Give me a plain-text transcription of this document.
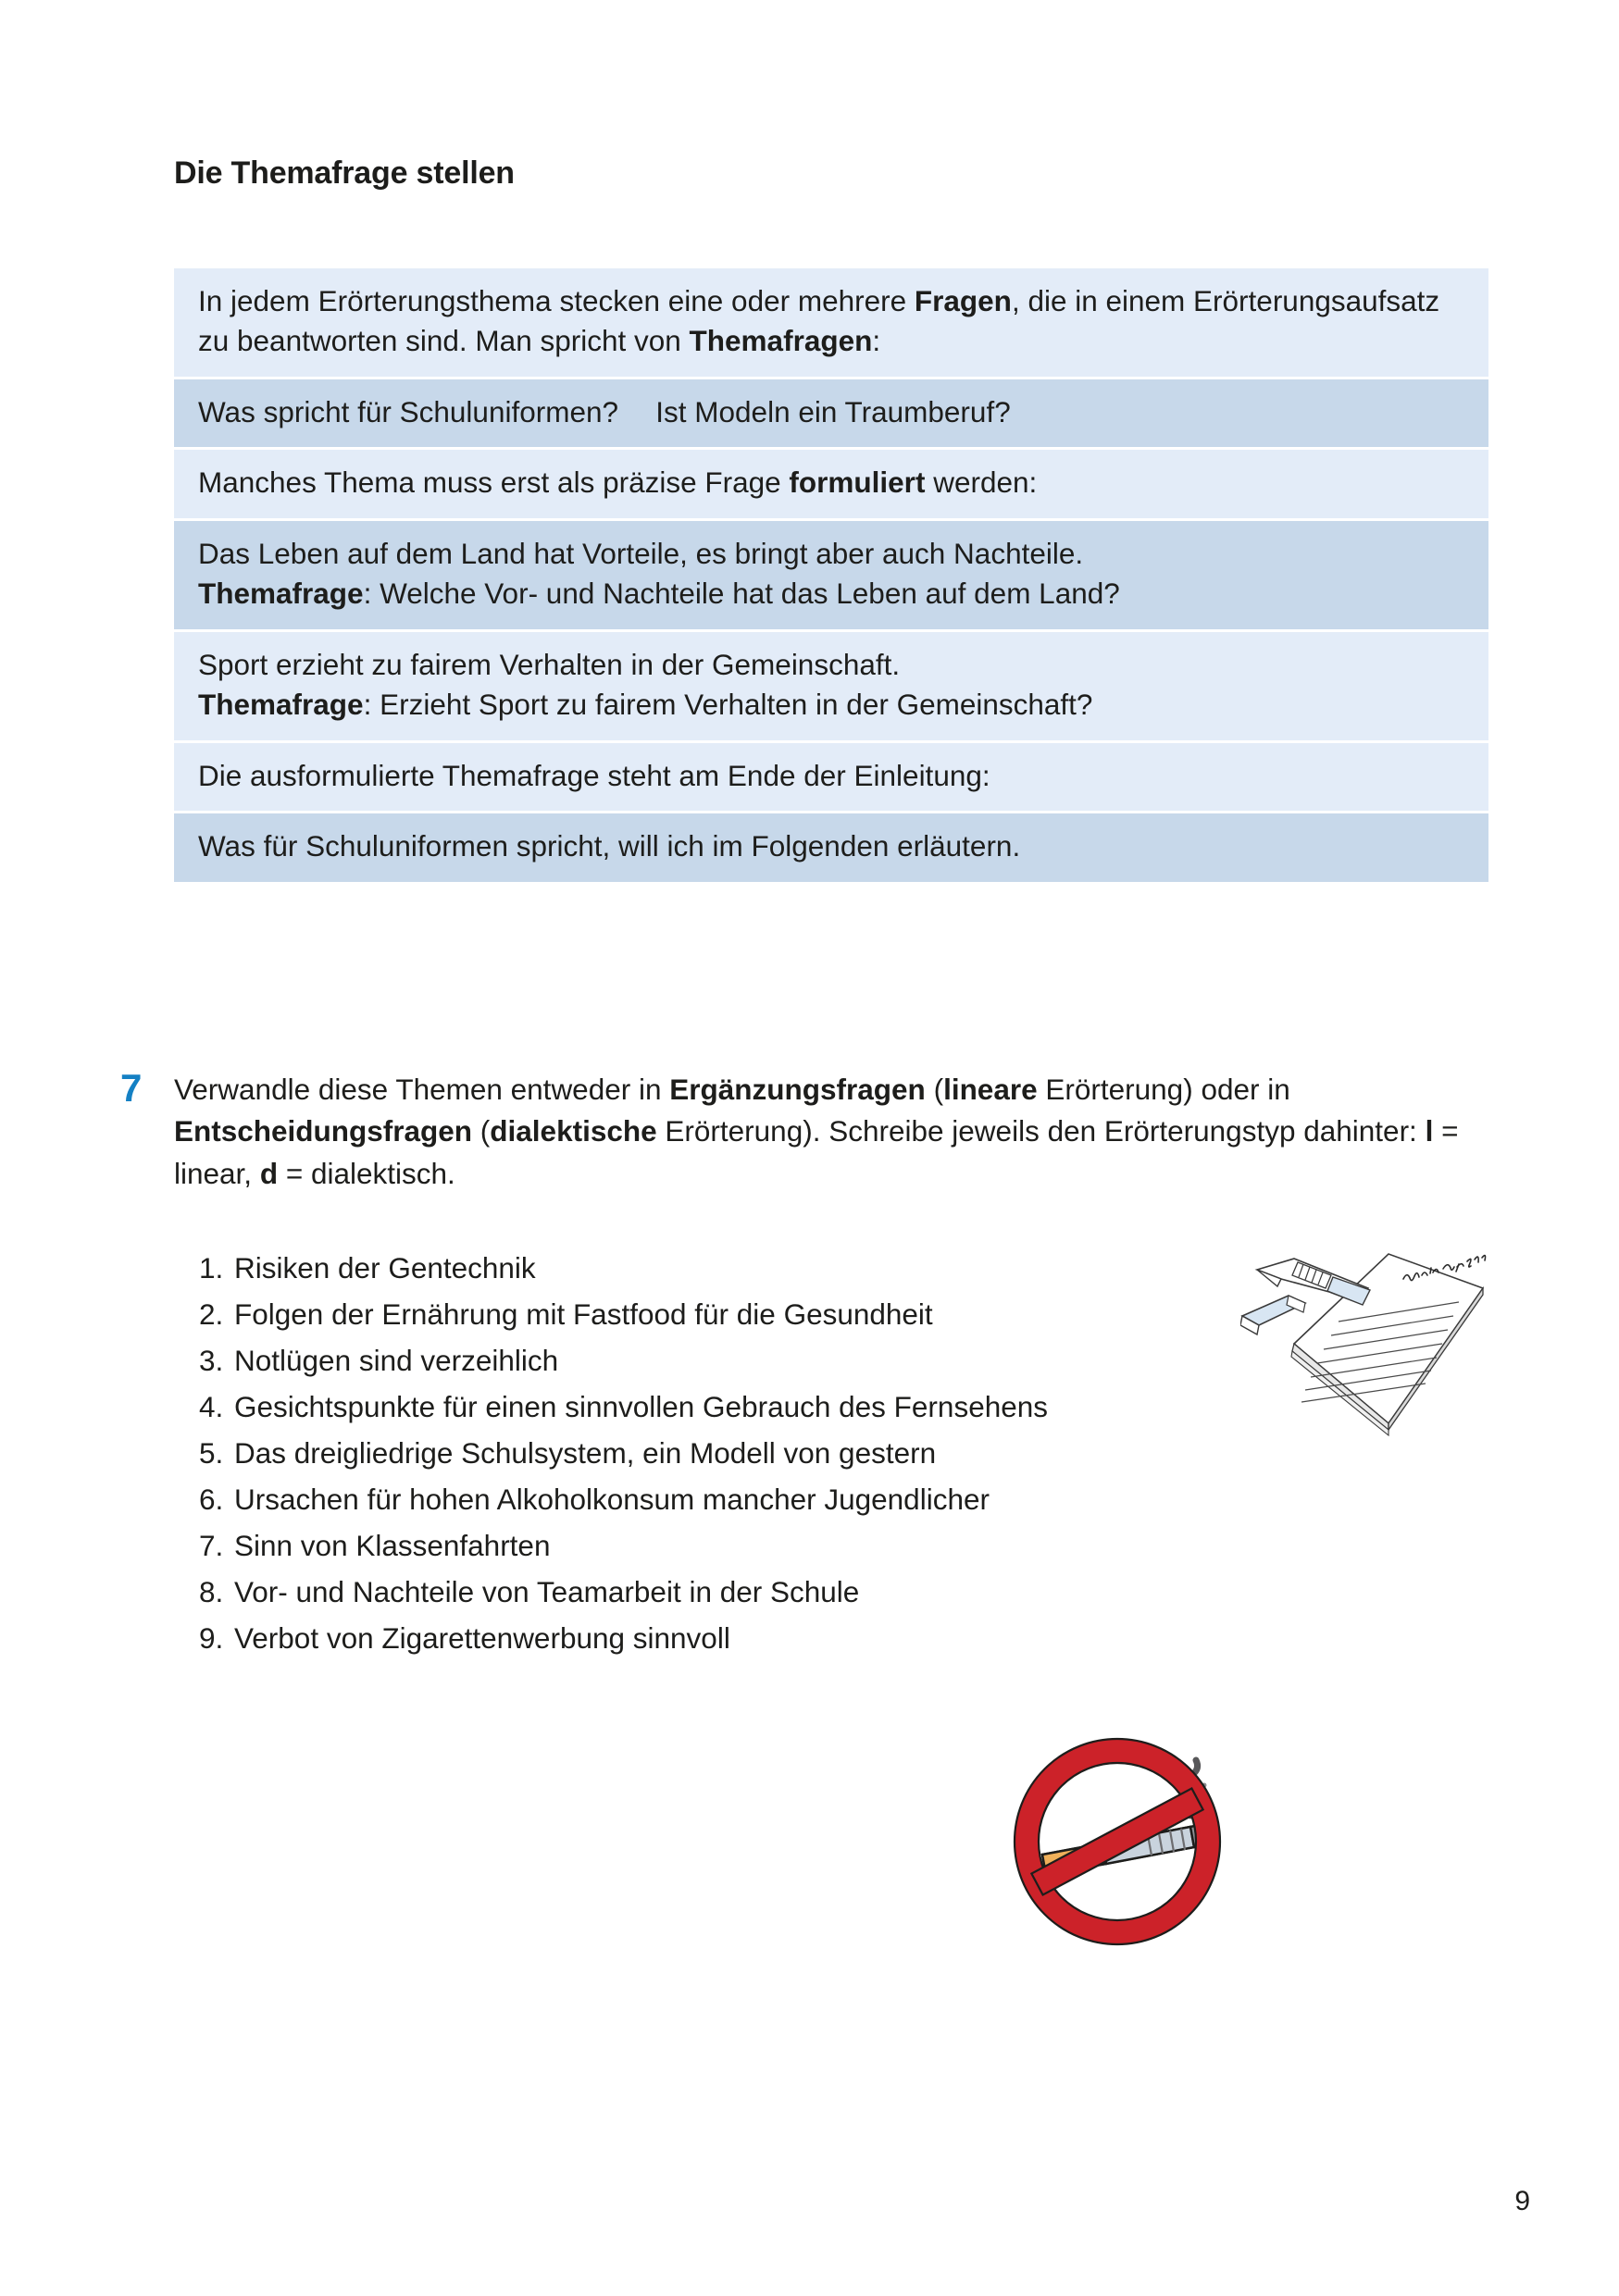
Die Themafrage stellen
In jedem Erörterungsthema stecken eine oder mehrere Fragen, die in einem Erörterungsaufsatz zu beantworten sind. Man spricht von Themafragen:
Was spricht für Schuluniformen?  Ist Modeln ein Traumberuf?
Manches Thema muss erst als präzise Frage formuliert werden:
Das Leben auf dem Land hat Vorteile, es bringt aber auch Nachteile.
Themafrage: Welche Vor- und Nachteile hat das Leben auf dem Land?
Sport erzieht zu fairem Verhalten in der Gemeinschaft.
Themafrage: Erzieht Sport zu fairem Verhalten in der Gemeinschaft?
Die ausformulierte Themafrage steht am Ende der Einleitung:
Was für Schuluniformen spricht, will ich im Folgenden erläutern.
7 Verwandle diese Themen entweder in Ergänzungsfragen (lineare Erörterung) oder in Entscheidungsfragen (dialektische Erörterung). Schreibe jeweils den Erörterungstyp dahinter: l = linear, d = dialektisch.
1. Risiken der Gentechnik
2. Folgen der Ernährung mit Fastfood für die Gesundheit
3. Notlügen sind verzeihlich
4. Gesichtspunkte für einen sinnvollen Gebrauch des Fernsehens
5. Das dreigliedrige Schulsystem, ein Modell von gestern
6. Ursachen für hohen Alkoholkonsum mancher Jugendlicher
7. Sinn von Klassenfahrten
8. Vor- und Nachteile von Teamarbeit in der Schule
9. Verbot von Zigarettenwerbung sinnvoll
9
